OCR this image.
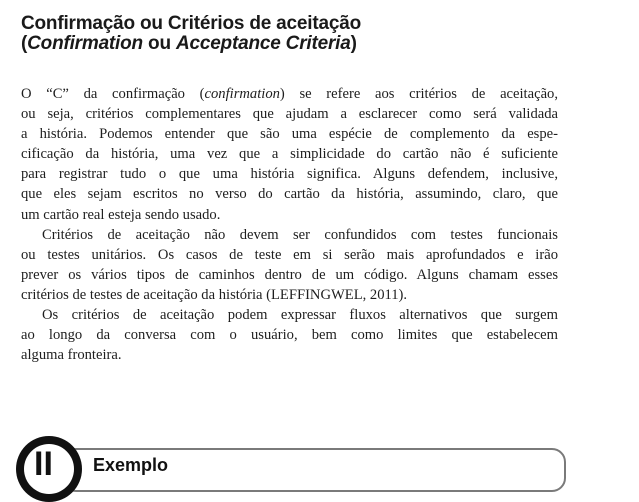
Confirmação ou Critérios de aceitação
(Confirmation ou Acceptance Criteria)
O “C” da confirmação (confirmation) se refere aos critérios de aceitação,
ou seja, critérios complementares que ajudam a esclarecer como será validada
a história. Podemos entender que são uma espécie de complemento da espe-
cificação da história, uma vez que a simplicidade do cartão não é suficiente
para registrar tudo o que uma história significa. Alguns defendem, inclusive,
que eles sejam escritos no verso do cartão da história, assumindo, claro, que
um cartão real esteja sendo usado.
Critérios de aceitação não devem ser confundidos com testes funcionais
ou testes unitários. Os casos de teste em si serão mais aprofundados e irão
prever os vários tipos de caminhos dentro de um código. Alguns chamam esses
critérios de testes de aceitação da história (LEFFINGWEL, 2011).
Os critérios de aceitação podem expressar fluxos alternativos que surgem
ao longo da conversa com o usuário, bem como limites que estabelecem
alguma fronteira.
II Exemplo
